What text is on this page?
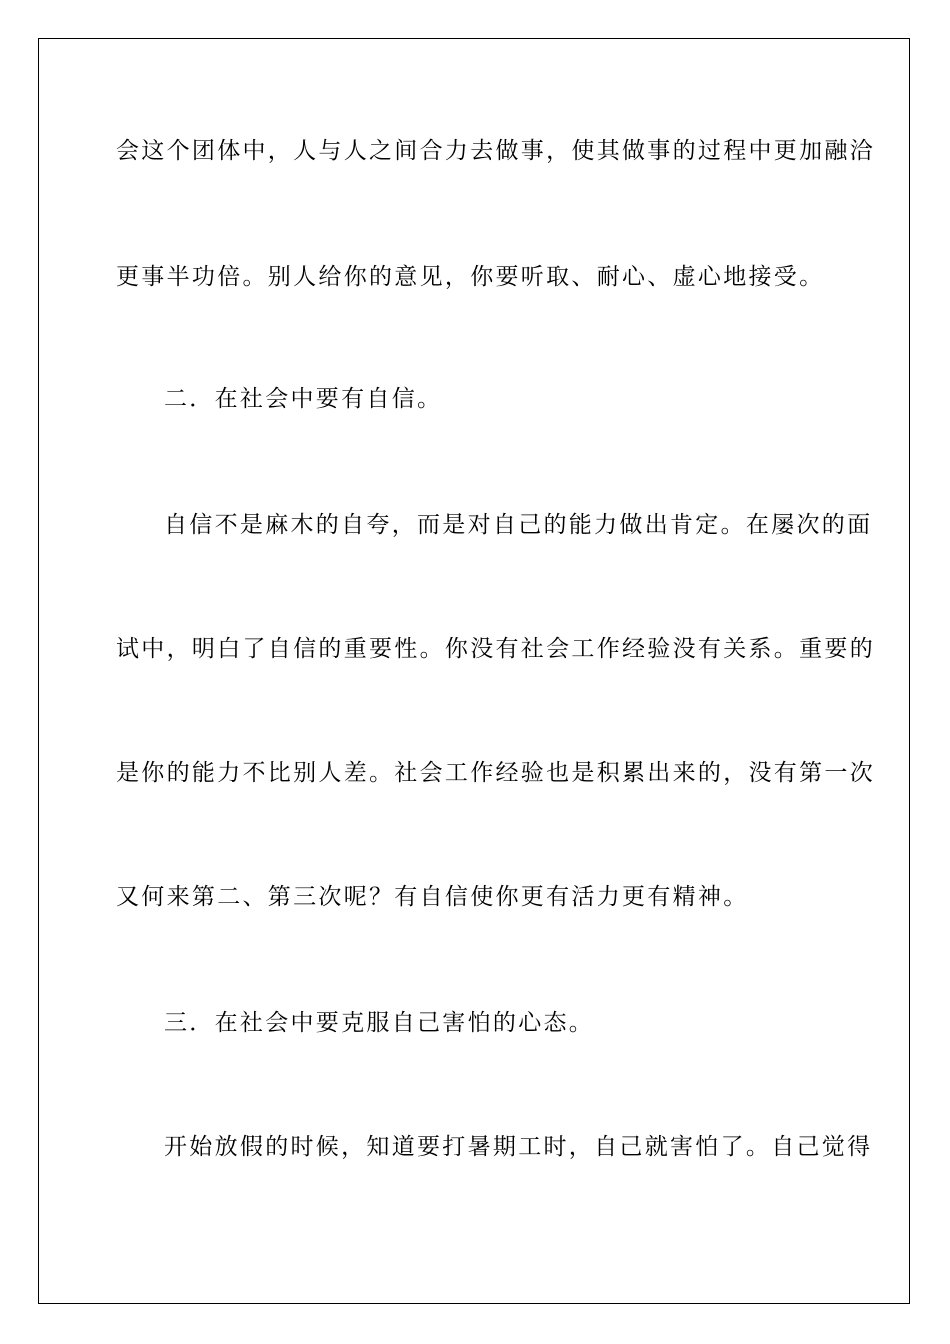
会这个团体中，人与人之间合力去做事，使其做事的过程中更加融洽

更事半功倍。别人给你的意见，你要听取、耐心、虚心地接受。

二．在社会中要有自信。

自信不是麻木的自夸，而是对自己的能力做出肯定。在屡次的面

试中，明白了自信的重要性。你没有社会工作经验没有关系。重要的

是你的能力不比别人差。社会工作经验也是积累出来的，没有第一次

又何来第二、第三次呢？有自信使你更有活力更有精神。

三．在社会中要克服自己害怕的心态。

开始放假的时候，知道要打暑期工时，自己就害怕了。自己觉得
